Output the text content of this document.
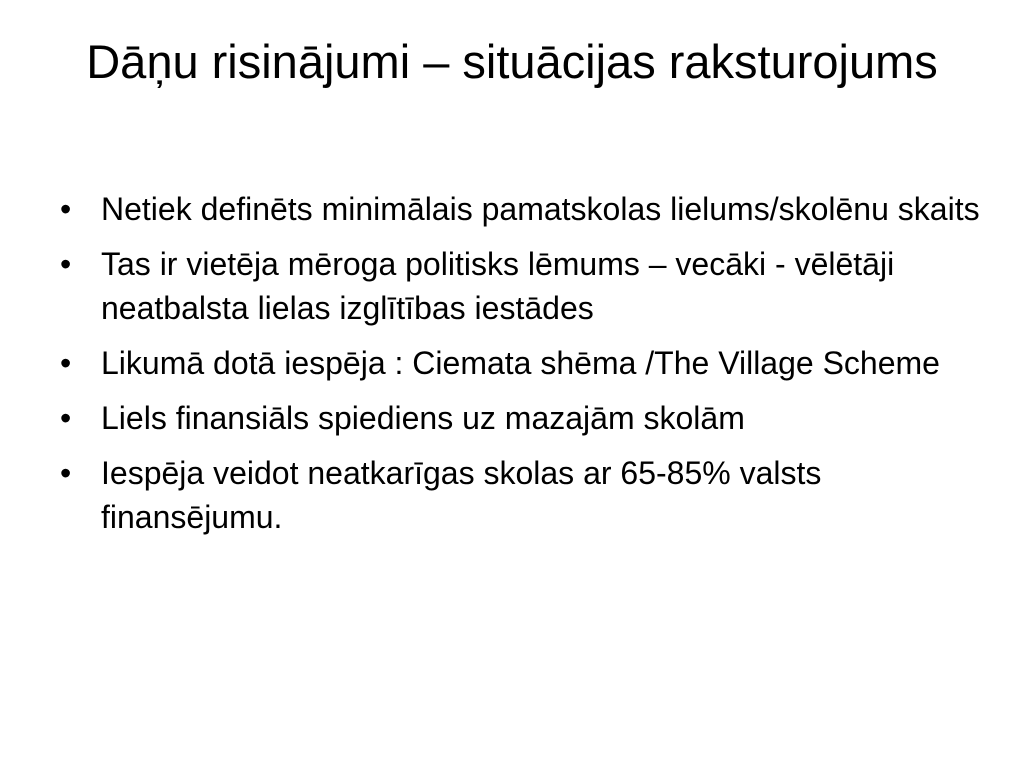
Dāņu risinājumi – situācijas raksturojums
• Netiek definēts minimālais pamatskolas lielums/skolēnu skaits
• Tas ir vietēja mēroga politisks lēmums – vecāki - vēlētāji neatbalsta lielas izglītības iestādes
• Likumā dotā iespēja : Ciemata shēma /The Village Scheme
• Liels finansiāls spiediens uz mazajām skolām
• Iespēja veidot neatkarīgas skolas ar 65-85% valsts finansējumu.
